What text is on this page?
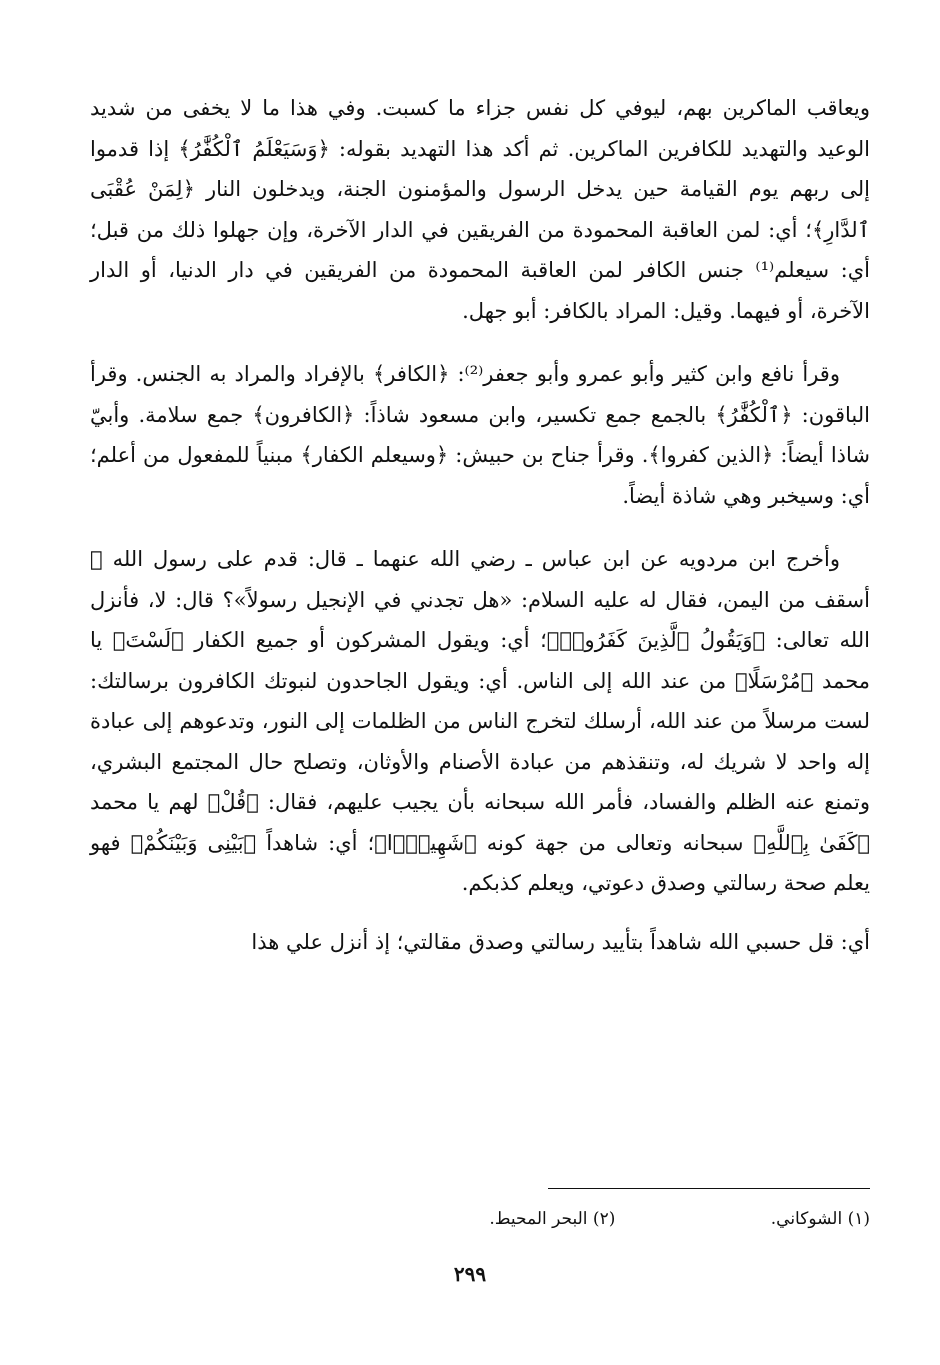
ويعاقب الماكرين بهم، ليوفي كل نفس جزاء ما كسبت. وفي هذا ما لا يخفى من شديد الوعيد والتهديد للكافرين الماكرين. ثم أكد هذا التهديد بقوله: ﴿وَسَيَعْلَمُ ٱلْكُفَّٰرُ﴾ إذا قدموا إلى ربهم يوم القيامة حين يدخل الرسول والمؤمنون الجنة، ويدخلون النار ﴿لِمَنْ عُقْبَى ٱلدَّارِ﴾؛ أي: لمن العاقبة المحمودة من الفريقين في الدار الآخرة، وإن جهلوا ذلك من قبل؛ أي: سيعلم⁽¹⁾ جنس الكافر لمن العاقبة المحمودة من الفريقين في دار الدنيا، أو الدار الآخرة، أو فيهما. وقيل: المراد بالكافر: أبو جهل.

وقرأ نافع وابن كثير وأبو عمرو وأبو جعفر⁽²⁾: ﴿الكافر﴾ بالإفراد والمراد به الجنس. وقرأ الباقون: ﴿ٱلْكُفَّٰرُ﴾ بالجمع جمع تكسير، وابن مسعود شاذاً: ﴿الكافرون﴾ جمع سلامة. وأبيّ شاذا أيضاً: ﴿الذين كفروا﴾. وقرأ جناح بن حبيش: ﴿وسيعلم الكفار﴾ مبنياً للمفعول من أعلم؛ أي: وسيخبر وهي شاذة أيضاً.

وأخرج ابن مردويه عن ابن عباس ـ رضي الله عنهما ـ قال: قدم على رسول الله ﷺ أسقف من اليمن، فقال له عليه السلام: «هل تجدني في الإنجيل رسولاً»؟ قال: لا، فأنزل الله تعالى: ﴿وَيَقُولُ ٱلَّذِينَ كَفَرُوا۟﴾؛ أي: ويقول المشركون أو جميع الكفار ﴿لَسْتَ﴾ يا محمد ﴿مُرْسَلًا﴾ من عند الله إلى الناس. أي: ويقول الجاحدون لنبوتك الكافرون برسالتك: لست مرسلاً من عند الله، أرسلك لتخرج الناس من الظلمات إلى النور، وتدعوهم إلى عبادة إله واحد لا شريك له، وتنقذهم من عبادة الأصنام والأوثان، وتصلح حال المجتمع البشري، وتمنع عنه الظلم والفساد، فأمر الله سبحانه بأن يجيب عليهم، فقال: ﴿قُلْ﴾ لهم يا محمد ﴿كَفَىٰ بِٱللَّهِ﴾ سبحانه وتعالى من جهة كونه ﴿شَهِيدًۢا﴾؛ أي: شاهداً ﴿بَيْنِى وَبَيْنَكُمْ﴾ فهو يعلم صحة رسالتي وصدق دعوتي، ويعلم كذبكم.

أي: قل حسبي الله شاهداً بتأييد رسالتي وصدق مقالتي؛ إذ أنزل علي هذا

(١) الشوكاني. (٢) البحر المحيط.
٢٩٩
